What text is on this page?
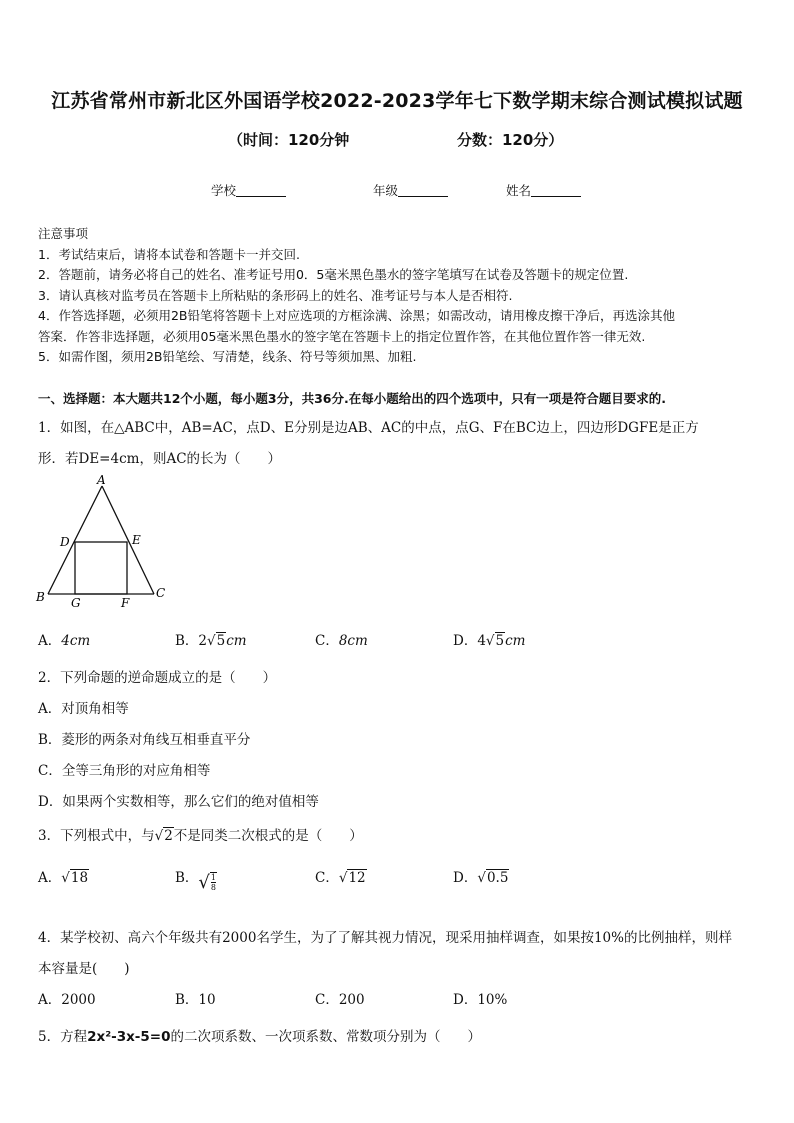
江苏省常州市新北区外国语学校2022-2023学年七下数学期末综合测试模拟试题
（时间：120分钟	分数：120分）
学校	年级	姓名
注意事项
1．考试结束后，请将本试卷和答题卡一并交回.
2．答题前，请务必将自己的姓名、准考证号用0．5毫米黑色墨水的签字笔填写在试卷及答题卡的规定位置.
3．请认真核对监考员在答题卡上所粘贴的条形码上的姓名、准考证号与本人是否相符.
4．作答选择题，必须用2B铅笔将答题卡上对应选项的方框涂满、涂黑；如需改动，请用橡皮擦干净后，再选涂其他
答案．作答非选择题，必须用05毫米黑色墨水的签字笔在答题卡上的指定位置作答，在其他位置作答一律无效.
5．如需作图，须用2B铅笔绘、写清楚，线条、符号等须加黑、加粗.
一、选择题：本大题共12个小题，每小题3分，共36分.在每小题给出的四个选项中，只有一项是符合题目要求的.
1．如图，在△ABC中，AB=AC，点D、E分别是边AB、AC的中点，点G、F在BC边上，四边形DGFE是正方
形．若DE=4cm，则AC的长为（　　）
A
D	E
B G	F
C
A．4cm	B．2√5cm	C．8cm	D．4√5cm
2．下列命题的逆命题成立的是（　　）
A．对顶角相等
B．菱形的两条对角线互相垂直平分
C．全等三角形的对应角相等
D．如果两个实数相等，那么它们的绝对值相等
3．下列根式中，与√2不是同类二次根式的是（　　）
A．√18	B．$√\frac{1}{8}$	C．√12	D．√0.5
4．某学校初、高六个年级共有2000名学生，为了了解其视力情况，现采用抽样调查，如果按10%的比例抽样，则样
本容量是(　　)
A．2000	B．10	C．200	D．10%
5．方程2x²-3x-5=0的二次项系数、一次项系数、常数项分别为（　　）
